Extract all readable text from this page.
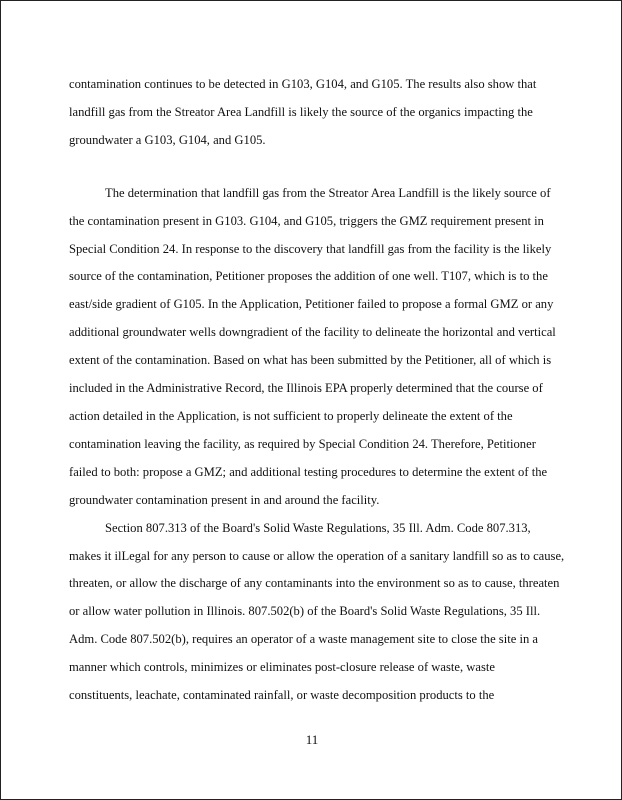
contamination continues to be detected in G103, G104, and G105. The results also show that
landfill gas from the Streator Area Landfill is likely the source of the organics impacting the
groundwater a G103, G104, and G105.
The determination that landfill gas from the Streator Area Landfill is the likely source of
the contamination present in G103. G104, and G105, triggers the GMZ requirement present in
Special Condition 24. In response to the discovery that landfill gas from the facility is the likely
source of the contamination, Petitioner proposes the addition of one well. T107, which is to the
east/side gradient of G105. In the Application, Petitioner failed to propose a formal GMZ or any
additional groundwater wells downgradient of the facility to delineate the horizontal and vertical
extent of the contamination. Based on what has been submitted by the Petitioner, all of which is
included in the Administrative Record, the Illinois EPA properly determined that the course of
action detailed in the Application, is not sufficient to properly delineate the extent of the
contamination leaving the facility, as required by Special Condition 24. Therefore, Petitioner
failed to both: propose a GMZ; and additional testing procedures to determine the extent of the
groundwater contamination present in and around the facility.
Section 807.313 of the Board's Solid Waste Regulations, 35 Ill. Adm. Code 807.313,
makes it ilLegal for any person to cause or allow the operation of a sanitary landfill so as to cause,
threaten, or allow the discharge of any contaminants into the environment so as to cause, threaten
or allow water pollution in Illinois. 807.502(b) of the Board's Solid Waste Regulations, 35 Ill.
Adm. Code 807.502(b), requires an operator of a waste management site to close the site in a
manner which controls, minimizes or eliminates post-closure release of waste, waste
constituents, leachate, contaminated rainfall, or waste decomposition products to the
11
